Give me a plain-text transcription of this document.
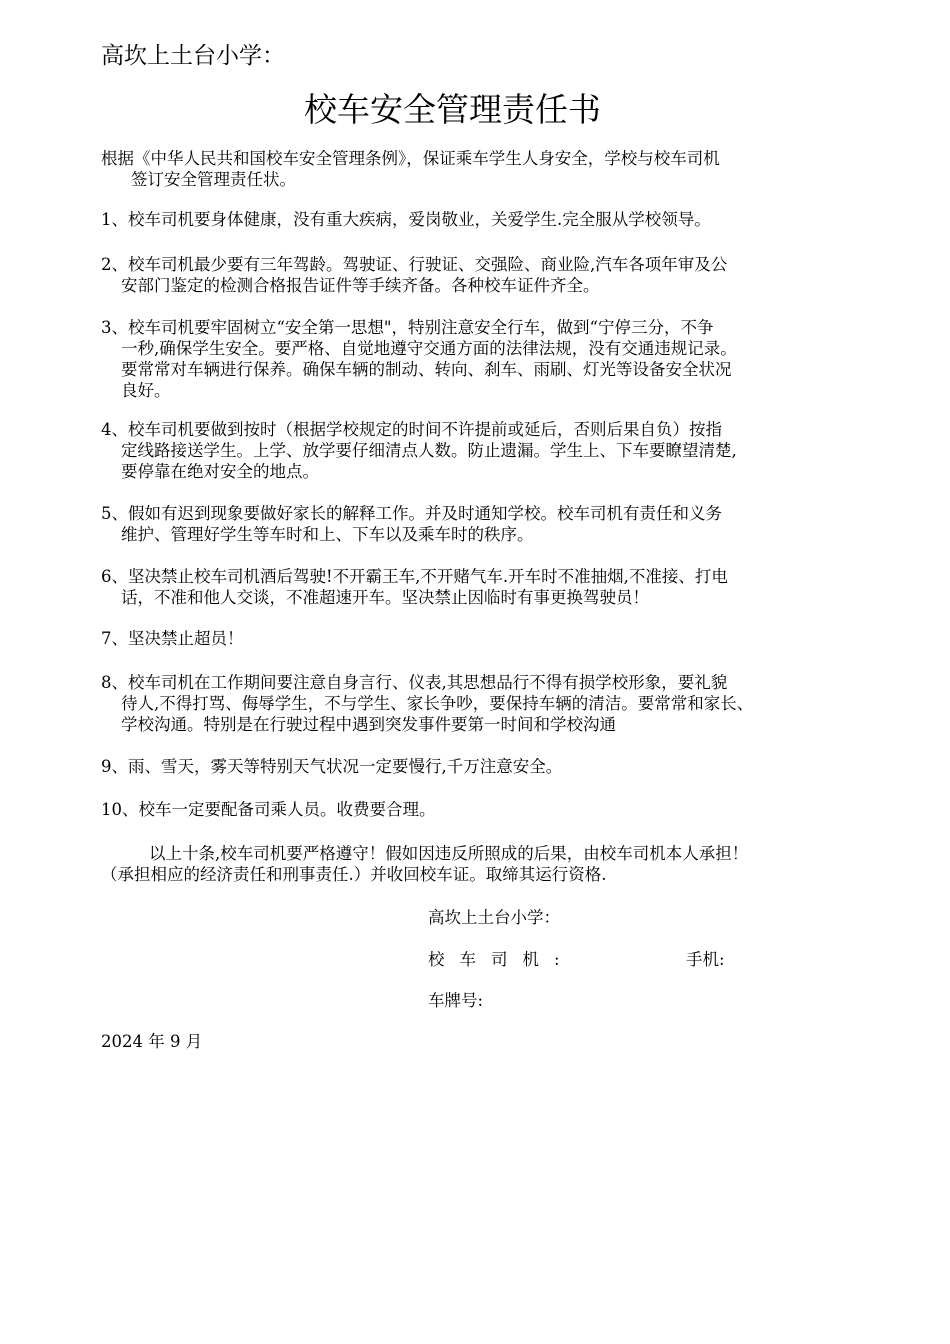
高坎上土台小学：
校车安全管理责任书
根据《中华人民共和国校车安全管理条例》，保证乘车学生人身安全，学校与校车司机
签订安全管理责任状。
1、校车司机要身体健康，没有重大疾病，爱岗敬业，关爱学生.完全服从学校领导。
2、校车司机最少要有三年驾龄。驾驶证、行驶证、交强险、商业险,汽车各项年审及公
安部门鉴定的检测合格报告证件等手续齐备。各种校车证件齐全。
3、校车司机要牢固树立“安全第一思想"，特别注意安全行车，做到“宁停三分，不争
一秒,确保学生安全。要严格、自觉地遵守交通方面的法律法规，没有交通违规记录。
要常常对车辆进行保养。确保车辆的制动、转向、刹车、雨刷、灯光等设备安全状况
良好。
4、校车司机要做到按时（根据学校规定的时间不许提前或延后，否则后果自负）按指
定线路接送学生。上学、放学要仔细清点人数。防止遗漏。学生上、下车要瞭望清楚,
要停靠在绝对安全的地点。
5、假如有迟到现象要做好家长的解释工作。并及时通知学校。校车司机有责任和义务
维护、管理好学生等车时和上、下车以及乘车时的秩序。
6、坚决禁止校车司机酒后驾驶!不开霸王车,不开赌气车.开车时不准抽烟,不准接、打电
话，不准和他人交谈，不准超速开车。坚决禁止因临时有事更换驾驶员！
7、坚决禁止超员！
8、校车司机在工作期间要注意自身言行、仪表,其思想品行不得有损学校形象，要礼貌
待人,不得打骂、侮辱学生，不与学生、家长争吵，要保持车辆的清洁。要常常和家长、
学校沟通。特别是在行驶过程中遇到突发事件要第一时间和学校沟通
9、雨、雪天，雾天等特别天气状况一定要慢行,千万注意安全。
10、校车一定要配备司乘人员。收费要合理。
以上十条,校车司机要严格遵守！假如因违反所照成的后果，由校车司机本人承担！
（承担相应的经济责任和刑事责任.）并收回校车证。取缔其运行资格.
高坎上土台小学：
校车司机:	手机:
车牌号:
2024 年 9 月
